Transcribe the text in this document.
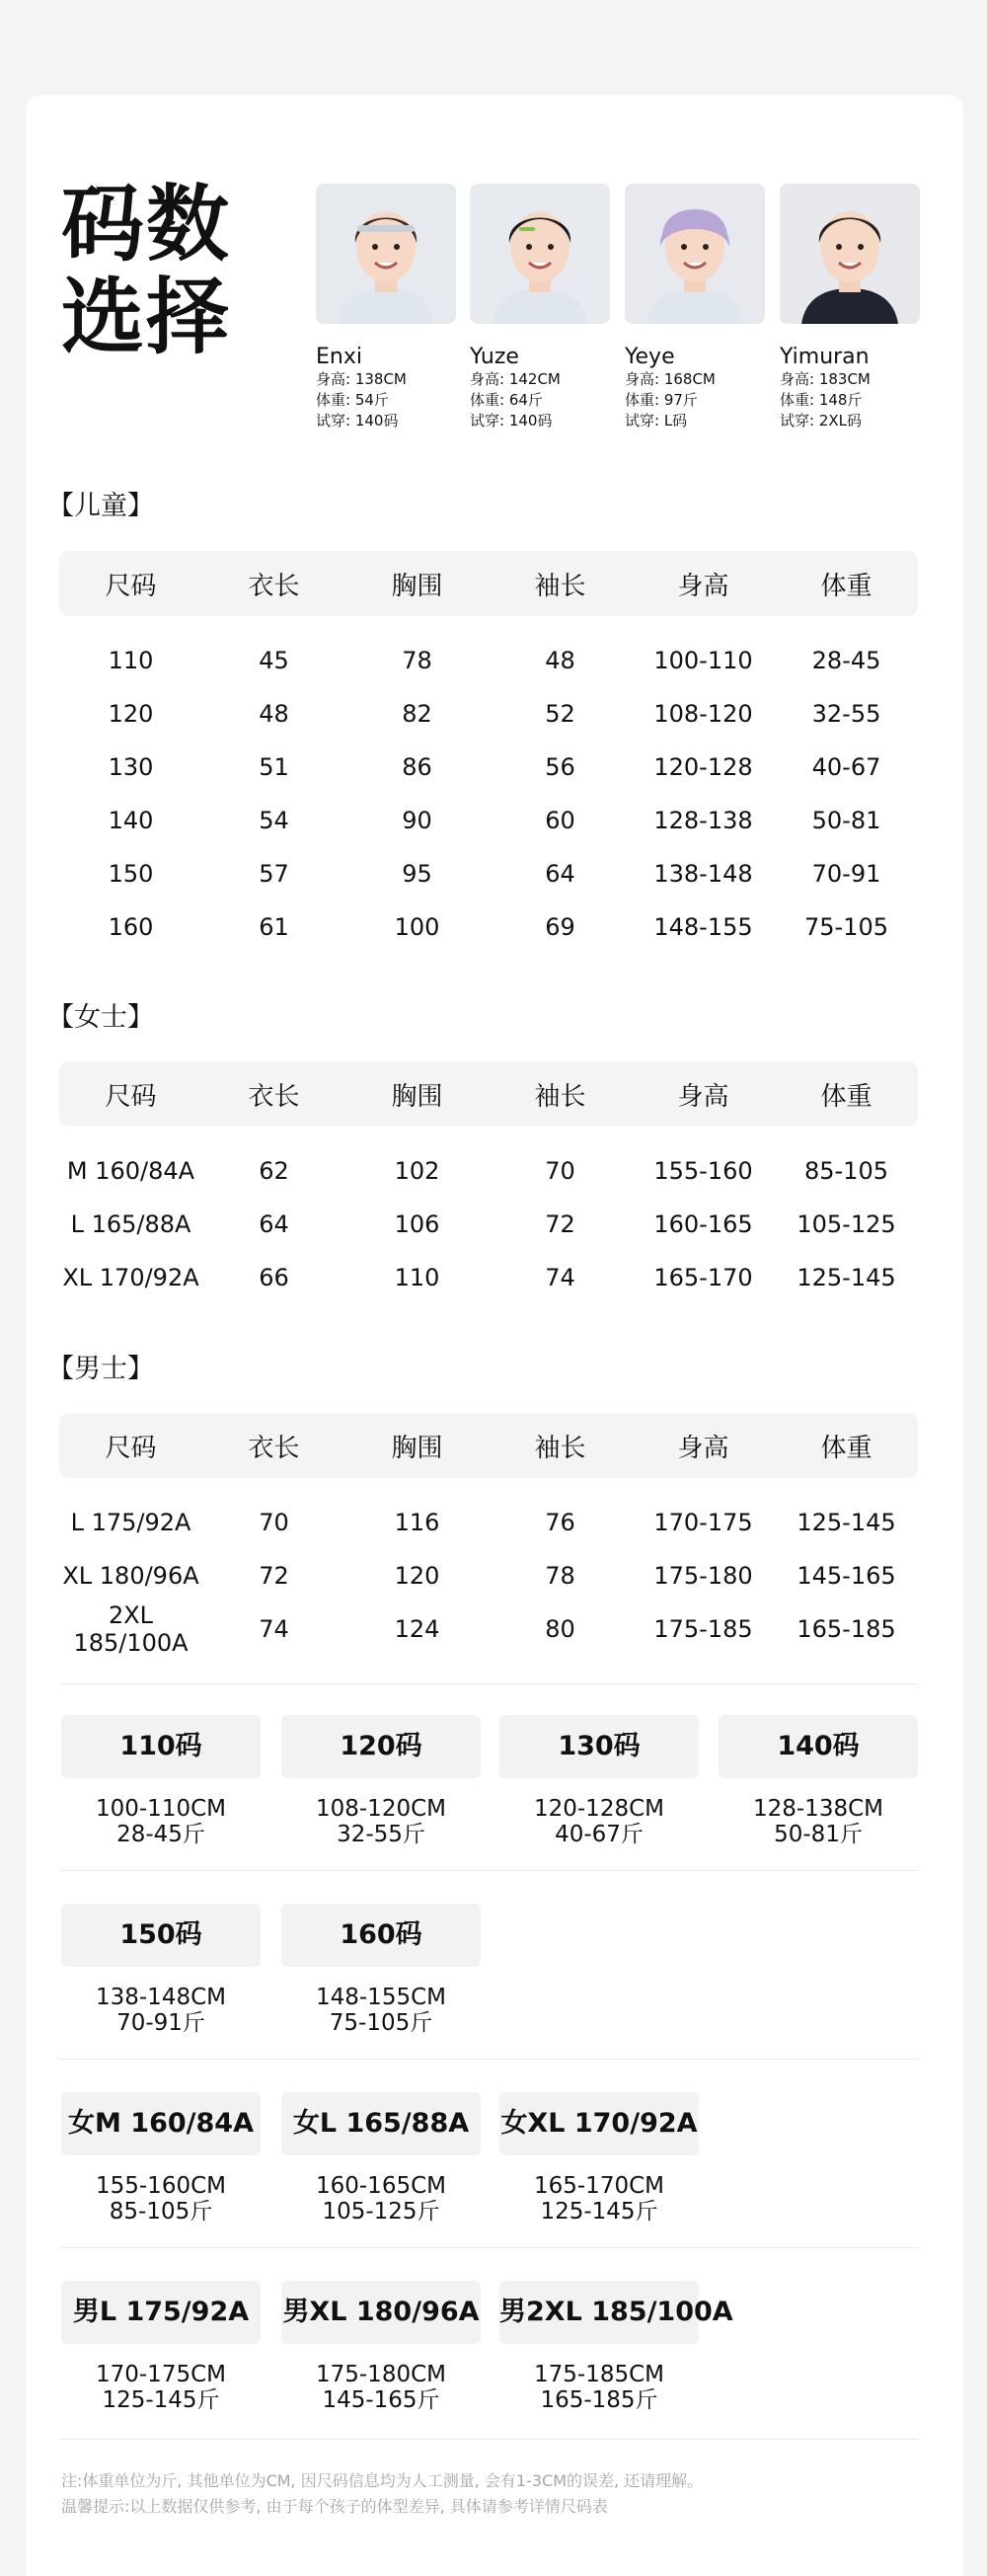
码数
选择	Enxi
身高: 138CM
体重: 54斤
试穿: 140码
Yuze
身高: 142CM
体重: 64斤
试穿: 140码
Yeye
身高: 168CM
体重: 97斤
试穿: L码
Yimuran
身高: 183CM
体重: 148斤
试穿: 2XL码
【儿童】
尺码	衣长	胸围	袖长	身高	体重
110	45	78	48	100-110	28-45
120	48	82	52	108-120	32-55
130	51	86	56	120-128	40-67
140	54	90	60	128-138	50-81
150	57	95	64	138-148	70-91
160	61	100	69	148-155	75-105
【女士】
尺码	衣长	胸围	袖长	身高	体重
M 160/84A	62	102	70	155-160	85-105
L 165/88A	64	106	72	160-165	105-125
XL 170/92A	66	110	74	165-170	125-145
【男士】
尺码	衣长	胸围	袖长	身高	体重
L 175/92A	70	116	76	170-175	125-145
XL 180/96A	72	120	78	175-180	145-165
2XL 185/100A	74	124	80	175-185	165-185
110码
100-110CM
28-45斤
120码
108-120CM
32-55斤
130码
120-128CM
40-67斤
140码
128-138CM
50-81斤
150码
138-148CM
70-91斤
160码
148-155CM
75-105斤
女M 160/84A
155-160CM
85-105斤
女L 165/88A
160-165CM
105-125斤
女XL 170/92A
165-170CM
125-145斤
男L 175/92A
170-175CM
125-145斤
男XL 180/96A
175-180CM
145-165斤
男2XL 185/100A
175-185CM
165-185斤
注:体重单位为斤, 其他单位为CM, 因尺码信息均为人工测量, 会有1-3CM的误差, 还请理解。
温馨提示:以上数据仅供参考, 由于每个孩子的体型差异, 具体请参考详情尺码表
